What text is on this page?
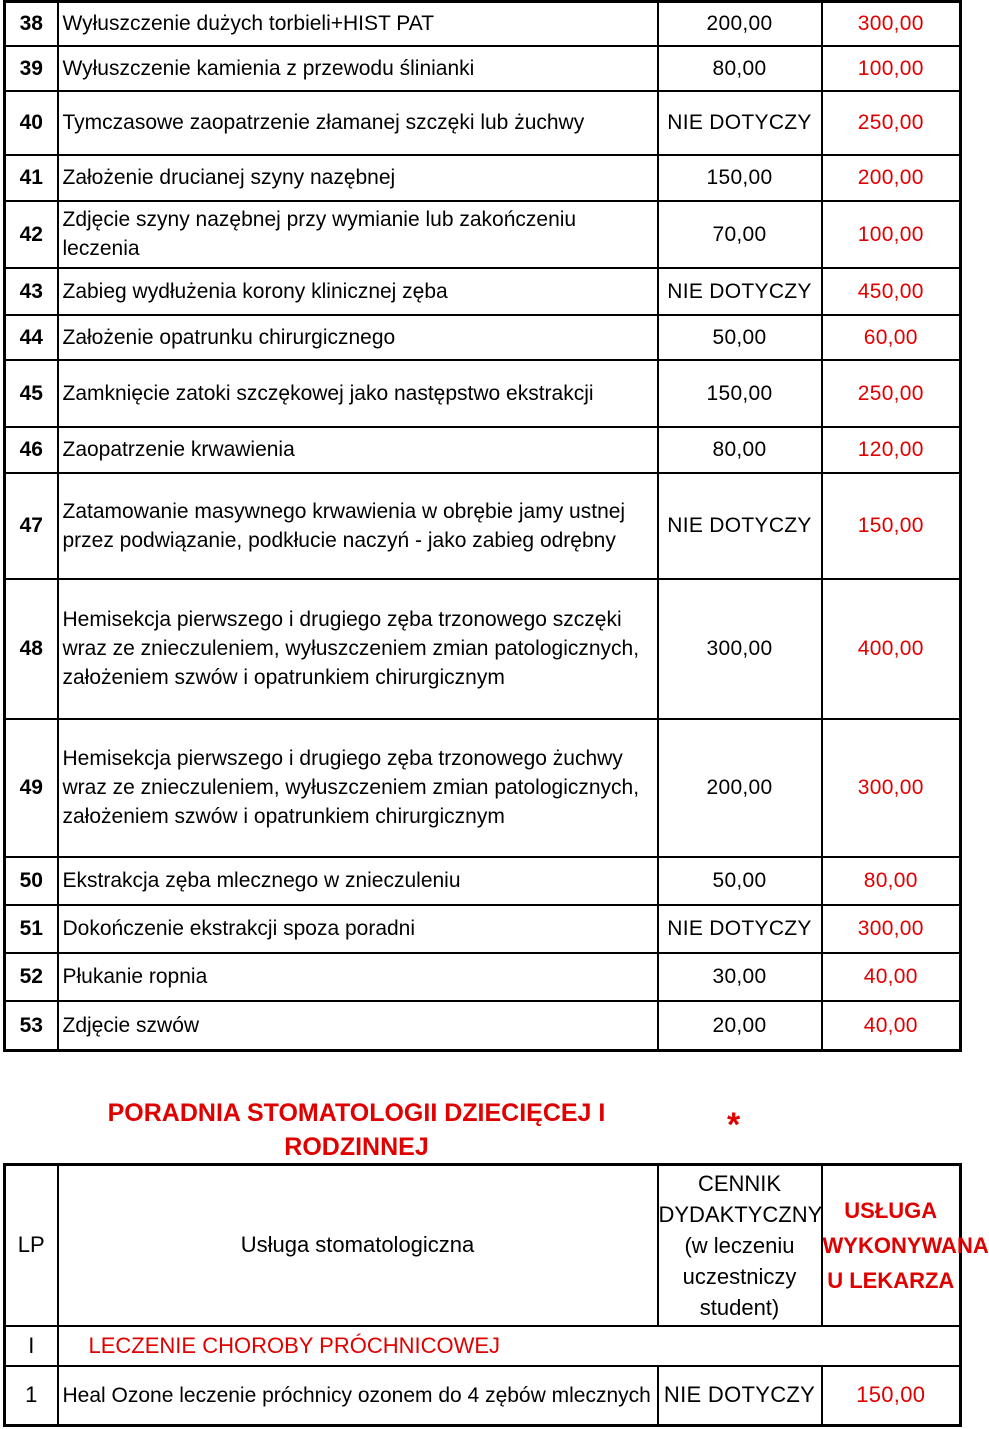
38	Wyłuszczenie dużych torbieli+HIST PAT	200,00	300,00
39	Wyłuszczenie kamienia z przewodu ślinianki	80,00	100,00
40	Tymczasowe zaopatrzenie złamanej szczęki lub żuchwy	NIE DOTYCZY	250,00
41	Założenie drucianej szyny nazębnej	150,00	200,00
42	Zdjęcie szyny nazębnej przy wymianie lub zakończeniu leczenia	70,00	100,00
43	Zabieg wydłużenia korony klinicznej zęba	NIE DOTYCZY	450,00
44	Założenie opatrunku chirurgicznego	50,00	60,00
45	Zamknięcie zatoki szczękowej jako następstwo ekstrakcji	150,00	250,00
46	Zaopatrzenie krwawienia	80,00	120,00
47	Zatamowanie masywnego krwawienia w obrębie jamy ustnej przez podwiązanie, podkłucie naczyń - jako zabieg odrębny	NIE DOTYCZY	150,00
48	Hemisekcja pierwszego i drugiego zęba trzonowego szczęki wraz ze znieczuleniem, wyłuszczeniem zmian patologicznych, założeniem szwów i opatrunkiem chirurgicznym	300,00	400,00
49	Hemisekcja pierwszego i drugiego zęba trzonowego żuchwy wraz ze znieczuleniem, wyłuszczeniem zmian patologicznych, założeniem szwów i opatrunkiem chirurgicznym	200,00	300,00
50	Ekstrakcja zęba mlecznego w znieczuleniu	50,00	80,00
51	Dokończenie ekstrakcji spoza poradni	NIE DOTYCZY	300,00
52	Płukanie ropnia	30,00	40,00
53	Zdjęcie szwów	20,00	40,00
PORADNIA STOMATOLOGII DZIECIĘCEJ I RODZINNEJ
*
LP	Usługa stomatologiczna	CENNIK DYDAKTYCZNY (w leczeniu uczestniczy student)	USŁUGA WYKONYWANA U LEKARZA
I	LECZENIE CHOROBY PRÓCHNICOWEJ		
1	Heal Ozone leczenie próchnicy ozonem do 4 zębów mlecznych	NIE DOTYCZY	150,00
